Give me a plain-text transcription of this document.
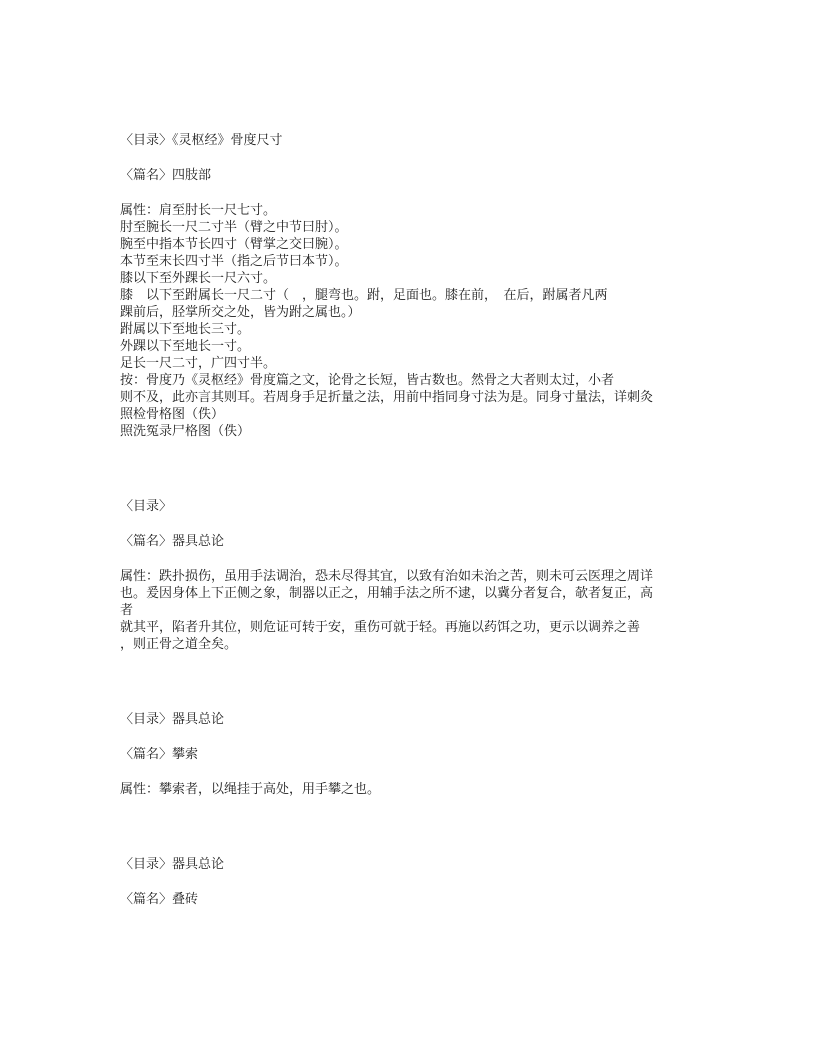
〈目录〉《灵枢经》骨度尺寸
〈篇名〉四肢部
属性：肩至肘长一尺七寸。
肘至腕长一尺二寸半（臂之中节曰肘）。
腕至中指本节长四寸（臂掌之交曰腕）。
本节至末长四寸半（指之后节曰本节）。
膝以下至外踝长一尺六寸。
膝　以下至跗属长一尺二寸（　，腿弯也。跗，足面也。膝在前，　在后，跗属者凡两
踝前后，胫掌所交之处，皆为跗之属也。）
跗属以下至地长三寸。
外踝以下至地长一寸。
足长一尺二寸，广四寸半。
按：骨度乃《灵枢经》骨度篇之文，论骨之长短，皆古数也。然骨之大者则太过，小者
则不及，此亦言其则耳。若周身手足折量之法，用前中指同身寸法为是。同身寸量法，详刺灸
照检骨格图（佚）
照洗冤录尸格图（佚）
〈目录〉
〈篇名〉器具总论
属性：跌扑损伤，虽用手法调治，恐未尽得其宜，以致有治如未治之苦，则未可云医理之周详
也。爰因身体上下正侧之象，制器以正之，用辅手法之所不逮，以冀分者复合，欹者复正，高
者
就其平，陷者升其位，则危证可转于安，重伤可就于轻。再施以药饵之功，更示以调养之善
，则正骨之道全矣。
〈目录〉器具总论
〈篇名〉攀索
属性：攀索者，以绳挂于高处，用手攀之也。
〈目录〉器具总论
〈篇名〉叠砖
